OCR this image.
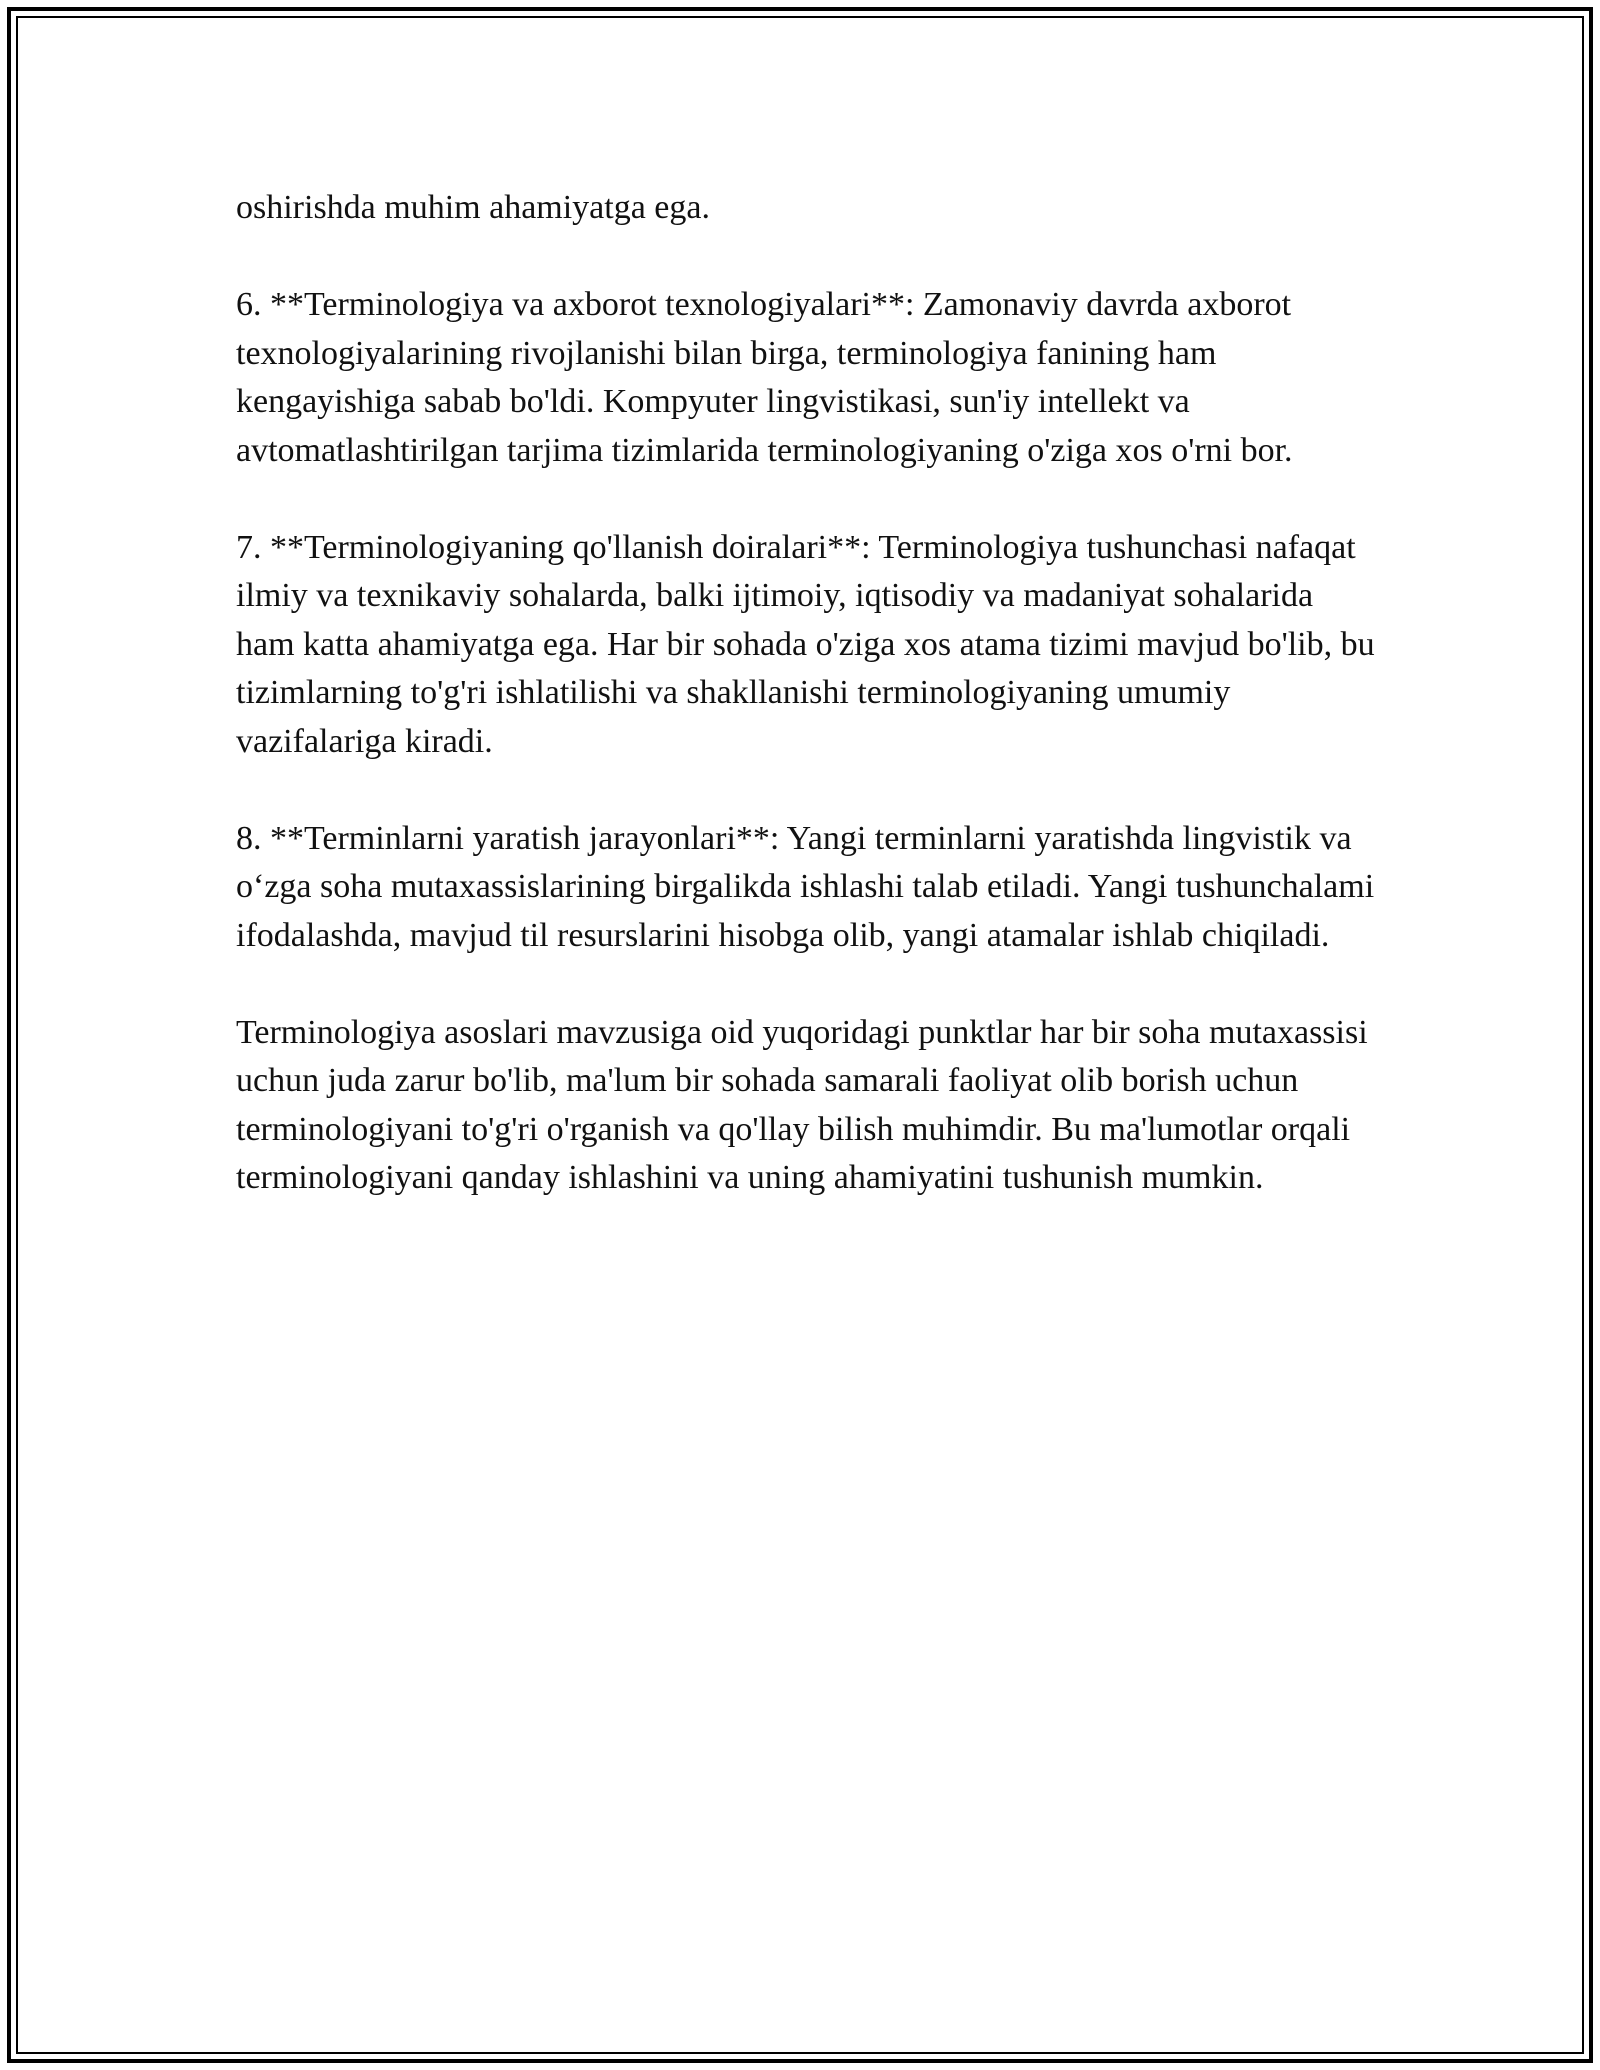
oshirishda muhim ahamiyatga ega.

6. **Terminologiya va axborot texnologiyalari**: Zamonaviy davrda axborot texnologiyalarining rivojlanishi bilan birga, terminologiya fanining ham kengayishiga sabab bo'ldi. Kompyuter lingvistikasi, sun'iy intellekt va avtomatlashtirilgan tarjima tizimlarida terminologiyaning o'ziga xos o'rni bor.

7. **Terminologiyaning qo'llanish doiralari**: Terminologiya tushunchasi nafaqat ilmiy va texnikaviy sohalarda, balki ijtimoiy, iqtisodiy va madaniyat sohalarida ham katta ahamiyatga ega. Har bir sohada o'ziga xos atama tizimi mavjud bo'lib, bu tizimlarning to'g'ri ishlatilishi va shakllanishi terminologiyaning umumiy vazifalariga kiradi.

8. **Terminlarni yaratish jarayonlari**: Yangi terminlarni yaratishda lingvistik va o‘zga soha mutaxassislarining birgalikda ishlashi talab etiladi. Yangi tushunchalami ifodalashda, mavjud til resurslarini hisobga olib, yangi atamalar ishlab chiqiladi.

Terminologiya asoslari mavzusiga oid yuqoridagi punktlar har bir soha mutaxassisi uchun juda zarur bo'lib, ma'lum bir sohada samarali faoliyat olib borish uchun terminologiyani to'g'ri o'rganish va qo'llay bilish muhimdir. Bu ma'lumotlar orqali terminologiyani qanday ishlashini va uning ahamiyatini tushunish mumkin.
